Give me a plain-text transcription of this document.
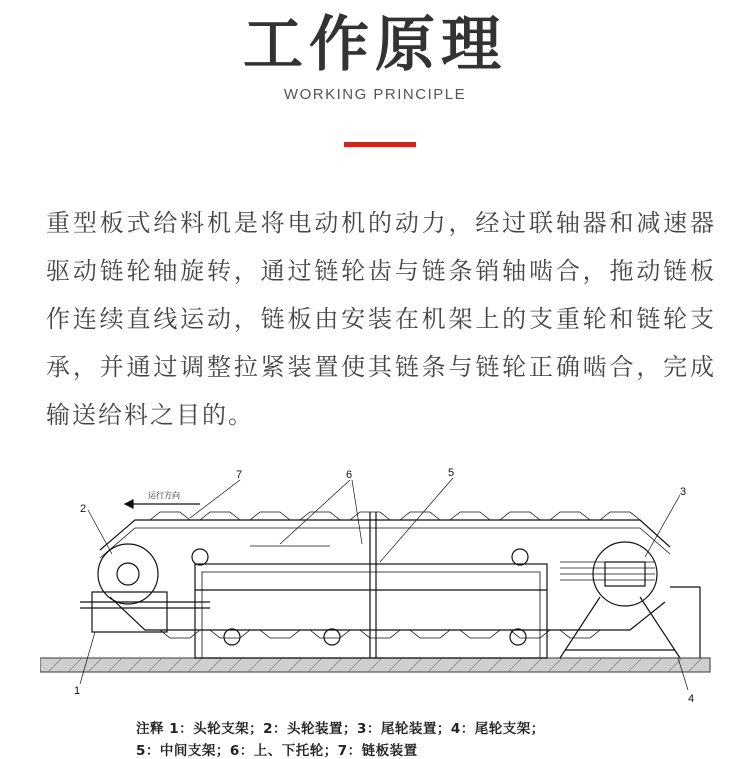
工作原理
WORKING PRINCIPLE

重型板式给料机是将电动机的动力，经过联轴器和减速器驱动链轮轴旋转，通过链轮齿与链条销轴啮合，拖动链板作连续直线运动，链板由安装在机架上的支重轮和链轮支承，并通过调整拉紧装置使其链条与链轮正确啮合，完成输送给料之目的。

运行方向
1
2
3
4
5
6
7
注释 1：头轮支架；2：头轮装置；3：尾轮装置；4：尾轮支架；
5：中间支架；6：上、下托轮；7：链板装置
